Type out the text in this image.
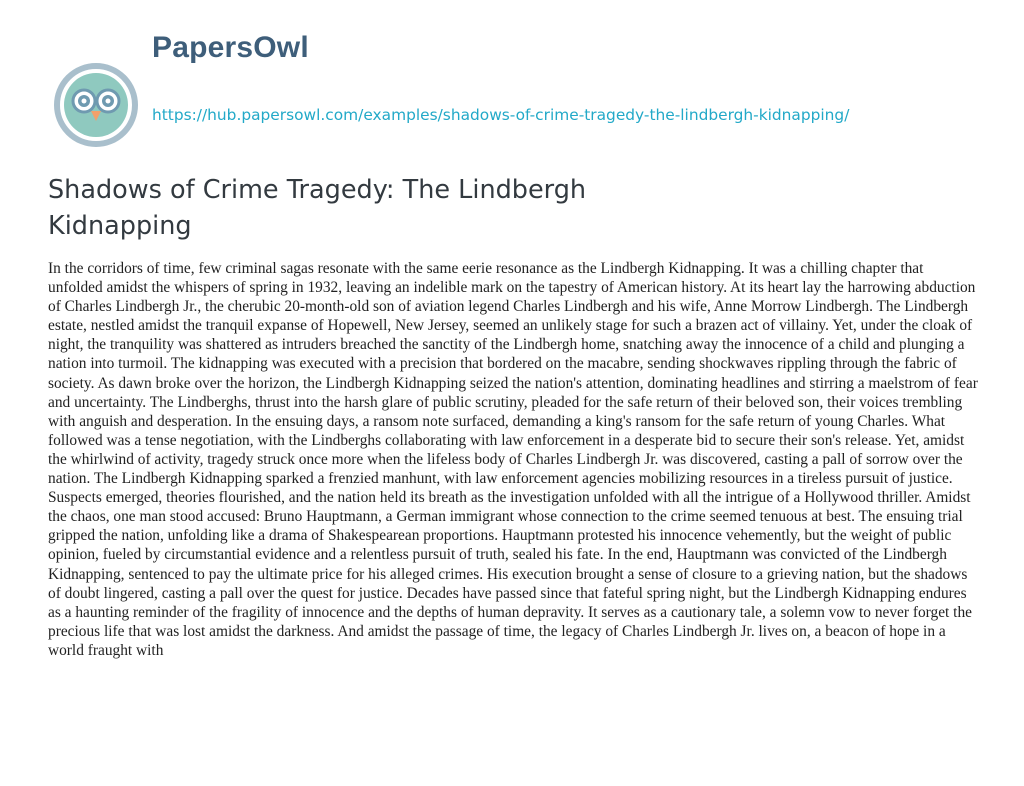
PapersOwl
https://hub.papersowl.com/examples/shadows-of-crime-tragedy-the-lindbergh-kidnapping/
Shadows of Crime Tragedy: The Lindbergh Kidnapping

In the corridors of time, few criminal sagas resonate with the same eerie resonance as the Lindbergh Kidnapping. It was a chilling chapter that unfolded amidst the whispers of spring in 1932, leaving an indelible mark on the tapestry of American history. At its heart lay the harrowing abduction of Charles Lindbergh Jr., the cherubic 20-month-old son of aviation legend Charles Lindbergh and his wife, Anne Morrow Lindbergh. The Lindbergh estate, nestled amidst the tranquil expanse of Hopewell, New Jersey, seemed an unlikely stage for such a brazen act of villainy. Yet, under the cloak of night, the tranquility was shattered as intruders breached the sanctity of the Lindbergh home, snatching away the innocence of a child and plunging a nation into turmoil. The kidnapping was executed with a precision that bordered on the macabre, sending shockwaves rippling through the fabric of society. As dawn broke over the horizon, the Lindbergh Kidnapping seized the nation's attention, dominating headlines and stirring a maelstrom of fear and uncertainty. The Lindberghs, thrust into the harsh glare of public scrutiny, pleaded for the safe return of their beloved son, their voices trembling with anguish and desperation. In the ensuing days, a ransom note surfaced, demanding a king's ransom for the safe return of young Charles. What followed was a tense negotiation, with the Lindberghs collaborating with law enforcement in a desperate bid to secure their son's release. Yet, amidst the whirlwind of activity, tragedy struck once more when the lifeless body of Charles Lindbergh Jr. was discovered, casting a pall of sorrow over the nation. The Lindbergh Kidnapping sparked a frenzied manhunt, with law enforcement agencies mobilizing resources in a tireless pursuit of justice. Suspects emerged, theories flourished, and the nation held its breath as the investigation unfolded with all the intrigue of a Hollywood thriller. Amidst the chaos, one man stood accused: Bruno Hauptmann, a German immigrant whose connection to the crime seemed tenuous at best. The ensuing trial gripped the nation, unfolding like a drama of Shakespearean proportions. Hauptmann protested his innocence vehemently, but the weight of public opinion, fueled by circumstantial evidence and a relentless pursuit of truth, sealed his fate. In the end, Hauptmann was convicted of the Lindbergh Kidnapping, sentenced to pay the ultimate price for his alleged crimes. His execution brought a sense of closure to a grieving nation, but the shadows of doubt lingered, casting a pall over the quest for justice. Decades have passed since that fateful spring night, but the Lindbergh Kidnapping endures as a haunting reminder of the fragility of innocence and the depths of human depravity. It serves as a cautionary tale, a solemn vow to never forget the precious life that was lost amidst the darkness. And amidst the passage of time, the legacy of Charles Lindbergh Jr. lives on, a beacon of hope in a world fraught with
